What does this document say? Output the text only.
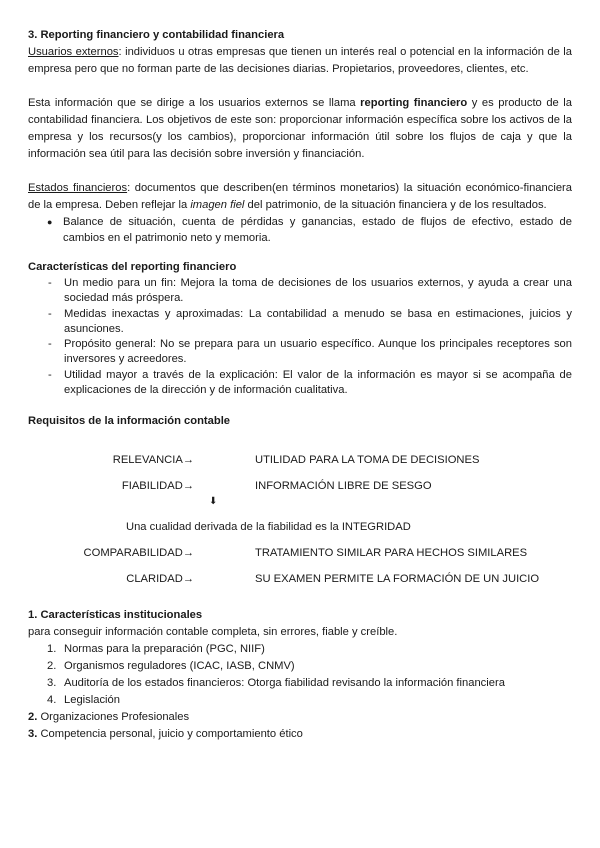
3. Reporting financiero y contabilidad financiera

Usuarios externos: individuos u otras empresas que tienen un interés real o potencial en la información de la empresa pero que no forman parte de las decisiones diarias. Propietarios, proveedores, clientes, etc.

Esta información que se dirige a los usuarios externos se llama reporting financiero y es producto de la contabilidad financiera. Los objetivos de este son: proporcionar información específica sobre los activos de la empresa y los recursos(y los cambios), proporcionar información útil sobre los flujos de caja y que la información sea útil para las decisión sobre inversión y financiación.

Estados financieros: documentos que describen(en términos monetarios) la situación económico-financiera de la empresa. Deben reflejar la imagen fiel del patrimonio, de la situación financiera y de los resultados.

● Balance de situación, cuenta de pérdidas y ganancias, estado de flujos de efectivo, estado de cambios en el patrimonio neto y memoria.

Características del reporting financiero

- Un medio para un fin: Mejora la toma de decisiones de los usuarios externos, y ayuda a crear una sociedad más próspera.
- Medidas inexactas y aproximadas: La contabilidad a menudo se basa en estimaciones, juicios y asunciones.
- Propósito general: No se prepara para un usuario específico. Aunque los principales receptores son inversores y acreedores.
- Utilidad mayor a través de la explicación: El valor de la información es mayor si se acompaña de explicaciones de la dirección y de información cualitativa.

Requisitos de la información contable

RELEVANCIA→	UTILIDAD PARA LA TOMA DE DECISIONES
FIABILIDAD→	INFORMACIÓN LIBRE DE SESGO
⬇
Una cualidad derivada de la fiabilidad es la INTEGRIDAD
COMPARABILIDAD→	TRATAMIENTO SIMILAR PARA HECHOS SIMILARES
CLARIDAD→	SU EXAMEN PERMITE LA FORMACIÓN DE UN JUICIO

1. Características institucionales

para conseguir información contable completa, sin errores, fiable y creíble.

1. Normas para la preparación (PGC, NIIF)
2. Organismos reguladores (ICAC, IASB, CNMV)
3. Auditoría de los estados financieros: Otorga fiabilidad revisando la información financiera
4. Legislación

2. Organizaciones Profesionales

3. Competencia personal, juicio y comportamiento ético
